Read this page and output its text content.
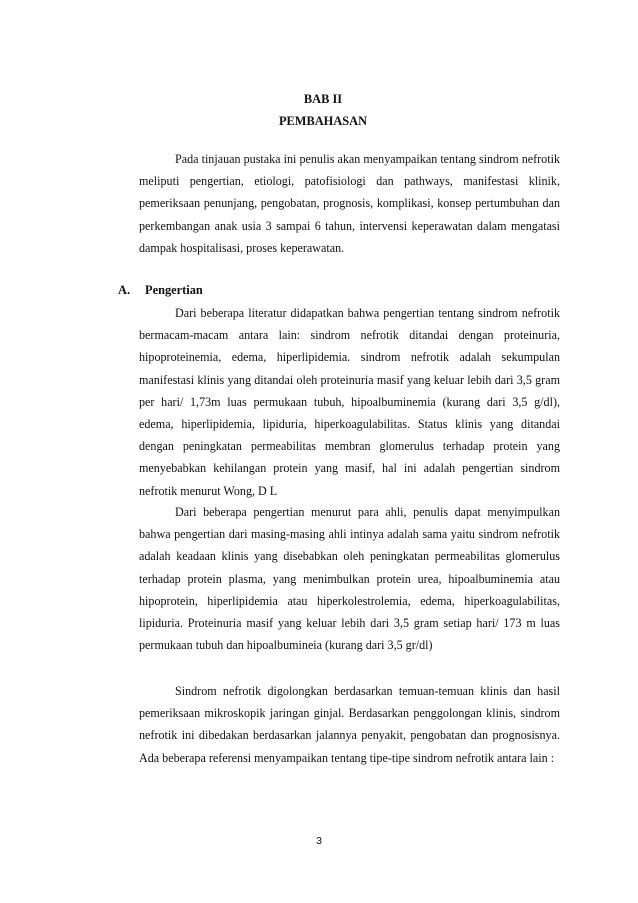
BAB II
PEMBAHASAN

Pada tinjauan pustaka ini penulis akan menyampaikan tentang sindrom nefrotik meliputi pengertian, etiologi, patofisiologi dan pathways, manifestasi klinik, pemeriksaan penunjang, pengobatan, prognosis, komplikasi, konsep pertumbuhan dan perkembangan anak usia 3 sampai 6 tahun, intervensi keperawatan dalam mengatasi dampak hospitalisasi, proses keperawatan.

A. Pengertian

Dari beberapa literatur didapatkan bahwa pengertian tentang sindrom nefrotik bermacam-macam antara lain: sindrom nefrotik ditandai dengan proteinuria, hipoproteinemia, edema, hiperlipidemia. sindrom nefrotik adalah sekumpulan manifestasi klinis yang ditandai oleh proteinuria masif yang keluar lebih dari 3,5 gram per hari/ 1,73m luas permukaan tubuh, hipoalbuminemia (kurang dari 3,5 g/dl), edema, hiperlipidemia, lipiduria, hiperkoagulabilitas. Status klinis yang ditandai dengan peningkatan permeabilitas membran glomerulus terhadap protein yang menyebabkan kehilangan protein yang masif, hal ini adalah pengertian sindrom nefrotik menurut Wong, D L

Dari beberapa pengertian menurut para ahli, penulis dapat menyimpulkan bahwa pengertian dari masing-masing ahli intinya adalah sama yaitu sindrom nefrotik adalah keadaan klinis yang disebabkan oleh peningkatan permeabilitas glomerulus terhadap protein plasma, yang menimbulkan protein urea, hipoalbuminemia atau hipoprotein, hiperlipidemia atau hiperkolestrolemia, edema, hiperkoagulabilitas, lipiduria. Proteinuria masif yang keluar lebih dari 3,5 gram setiap hari/ 173 m luas permukaan tubuh dan hipoalbumineia (kurang dari 3,5 gr/dl)

Sindrom nefrotik digolongkan berdasarkan temuan-temuan klinis dan hasil pemeriksaan mikroskopik jaringan ginjal. Berdasarkan penggolongan klinis, sindrom nefrotik ini dibedakan berdasarkan jalannya penyakit, pengobatan dan prognosisnya. Ada beberapa referensi menyampaikan tentang tipe-tipe sindrom nefrotik antara lain :

3
